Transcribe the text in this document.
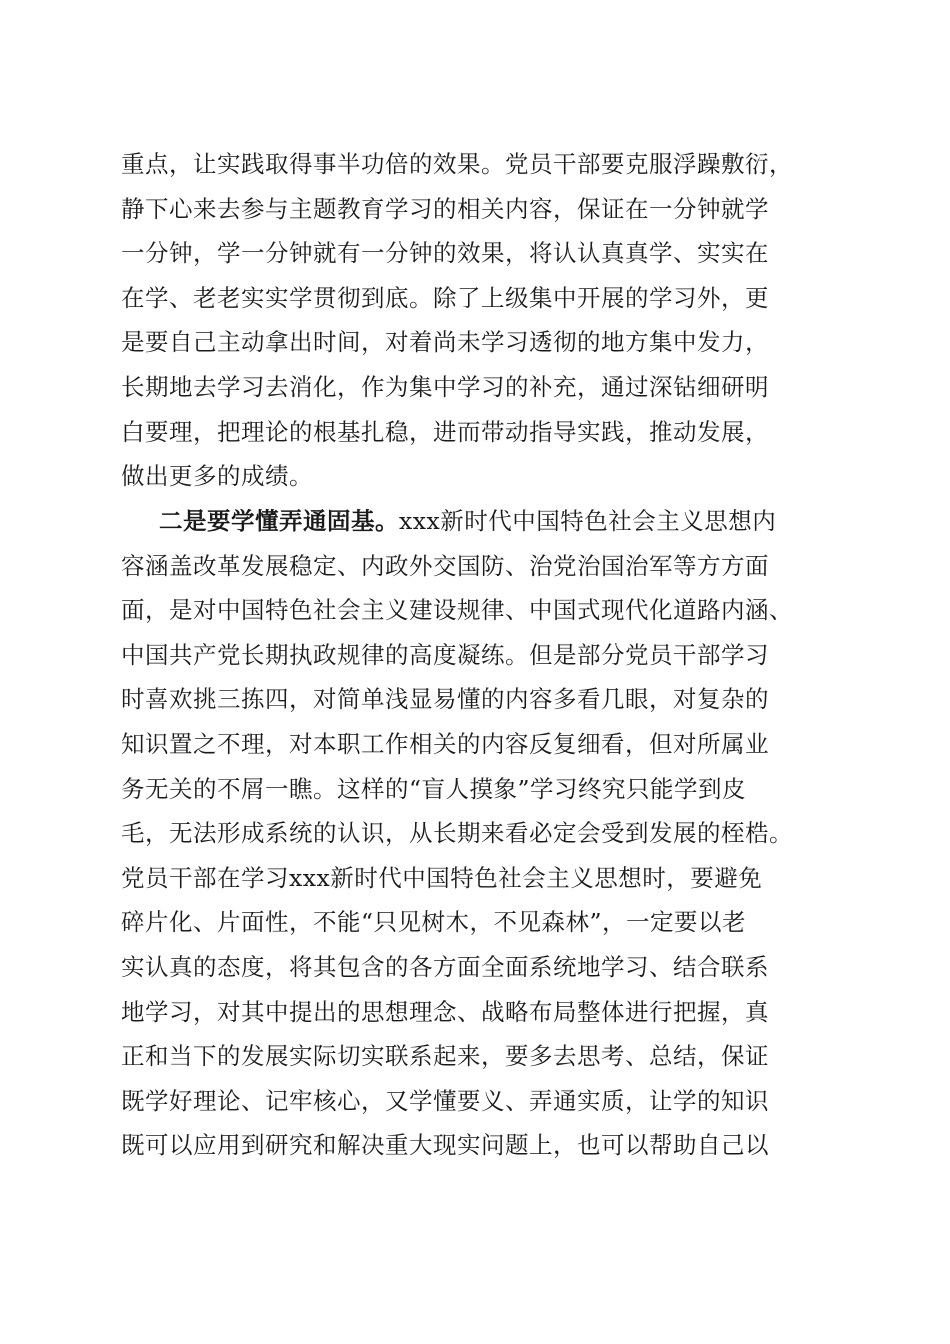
重点，让实践取得事半功倍的效果。党员干部要克服浮躁敷衍，
静下心来去参与主题教育学习的相关内容，保证在一分钟就学
一分钟，学一分钟就有一分钟的效果，将认认真真学、实实在
在学、老老实实学贯彻到底。除了上级集中开展的学习外，更
是要自己主动拿出时间，对着尚未学习透彻的地方集中发力，
长期地去学习去消化，作为集中学习的补充，通过深钻细研明
白要理，把理论的根基扎稳，进而带动指导实践，推动发展，
做出更多的成绩。
二是要学懂弄通固基。xxx新时代中国特色社会主义思想内
容涵盖改革发展稳定、内政外交国防、治党治国治军等方方面
面，是对中国特色社会主义建设规律、中国式现代化道路内涵、
中国共产党长期执政规律的高度凝练。但是部分党员干部学习
时喜欢挑三拣四，对简单浅显易懂的内容多看几眼，对复杂的
知识置之不理，对本职工作相关的内容反复细看，但对所属业
务无关的不屑一瞧。这样的“盲人摸象”学习终究只能学到皮
毛，无法形成系统的认识，从长期来看必定会受到发展的桎梏。
党员干部在学习xxx新时代中国特色社会主义思想时，要避免
碎片化、片面性，不能“只见树木，不见森林”，一定要以老
实认真的态度，将其包含的各方面全面系统地学习、结合联系
地学习，对其中提出的思想理念、战略布局整体进行把握，真
正和当下的发展实际切实联系起来，要多去思考、总结，保证
既学好理论、记牢核心，又学懂要义、弄通实质，让学的知识
既可以应用到研究和解决重大现实问题上，也可以帮助自己以
